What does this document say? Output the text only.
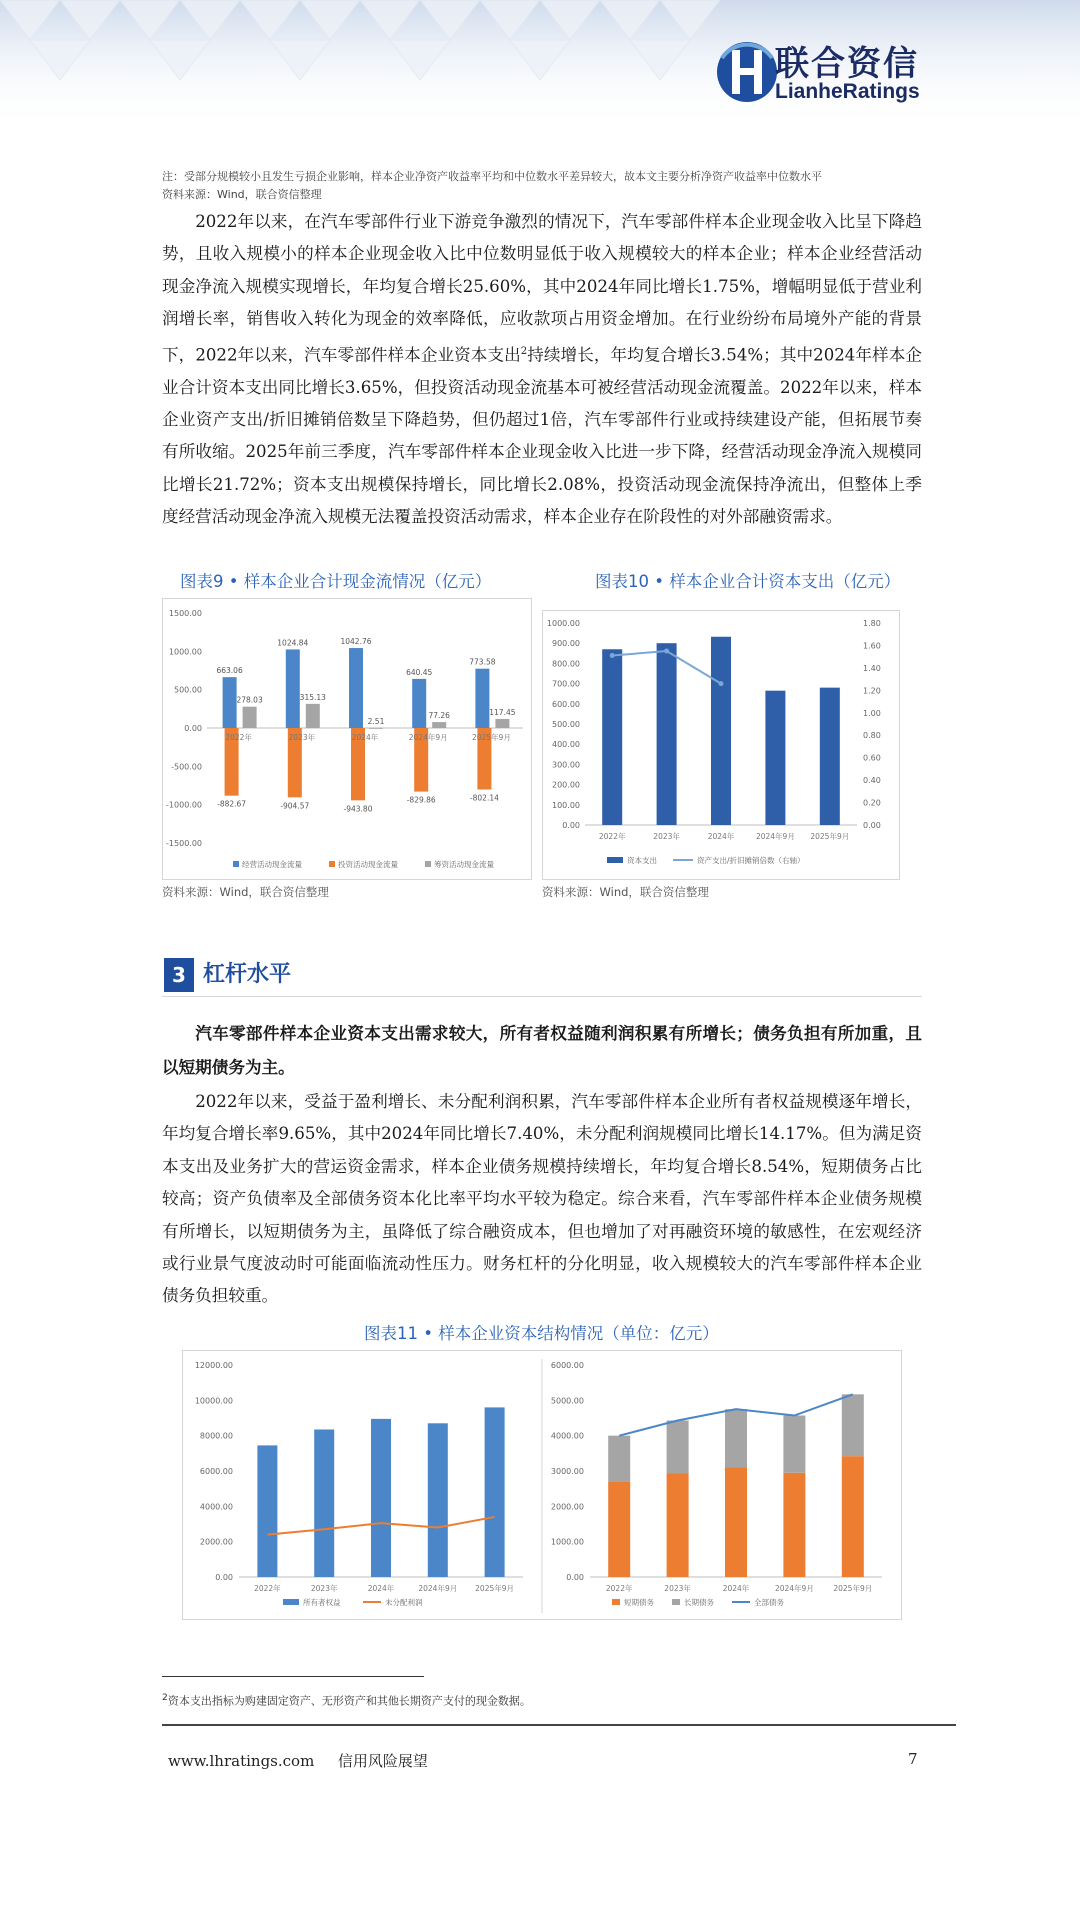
联合资信
LianheRatings
注：受部分规模较小且发生亏损企业影响，样本企业净资产收益率平均和中位数水平差异较大，故本文主要分析净资产收益率中位数水平
资料来源：Wind，联合资信整理
2022年以来，在汽车零部件行业下游竞争激烈的情况下，汽车零部件样本企业现金收入比呈下降趋势，且收入规模小的样本企业现金收入比中位数明显低于收入规模较大的样本企业；样本企业经营活动现金净流入规模实现增长，年均复合增长25.60%，其中2024年同比增长1.75%，增幅明显低于营业利润增长率，销售收入转化为现金的效率降低，应收款项占用资金增加。在行业纷纷布局境外产能的背景下，2022年以来，汽车零部件样本企业资本支出$^2$持续增长，年均复合增长3.54%；其中2024年样本企业合计资本支出同比增长3.65%，但投资活动现金流基本可被经营活动现金流覆盖。2022年以来，样本企业资产支出/折旧摊销倍数呈下降趋势，但仍超过1倍，汽车零部件行业或持续建设产能，但拓展节奏有所收缩。2025年前三季度，汽车零部件样本企业现金收入比进一步下降，经营活动现金净流入规模同比增长21.72%；资本支出规模保持增长，同比增长2.08%，投资活动现金流保持净流出，但整体上季度经营活动现金净流入规模无法覆盖投资活动需求，样本企业存在阶段性的对外部融资需求。
图表9 • 样本企业合计现金流情况（亿元）	图表10 • 样本企业合计资本支出（亿元）
1500.00
1000.00
500.00
0.00
-500.00
-1000.00
-1500.00
663.06
-882.67
278.03
2022年
1024.84
-904.57
315.13
2023年
1042.76
-943.80
2.51
2024年
640.45
-829.86
77.26
2024年9月
773.58
-802.14
117.45
2025年9月
经营活动现金流量	投资活动现金流量	筹资活动现金流量
资料来源：Wind，联合资信整理
1000.00
900.00
800.00
700.00
600.00
500.00
400.00
300.00
200.00
100.00
0.00
1.80
1.60
1.40
1.20
1.00
0.80
0.60
0.40
0.20
0.00
2022年	2023年	2024年	2024年9月 2025年9月
资本支出	资产支出/折旧摊销倍数（右轴）
资料来源：Wind，联合资信整理
3 杠杆水平
汽车零部件样本企业资本支出需求较大，所有者权益随利润积累有所增长；债务负担有所加重，且以短期债务为主。
2022年以来，受益于盈利增长、未分配利润积累，汽车零部件样本企业所有者权益规模逐年增长，年均复合增长率9.65%，其中2024年同比增长7.40%，未分配利润规模同比增长14.17%。但为满足资本支出及业务扩大的营运资金需求，样本企业债务规模持续增长，年均复合增长8.54%，短期债务占比较高；资产负债率及全部债务资本化比率平均水平较为稳定。综合来看，汽车零部件样本企业债务规模有所增长，以短期债务为主，虽降低了综合融资成本，但也增加了对再融资环境的敏感性，在宏观经济或行业景气度波动时可能面临流动性压力。财务杠杆的分化明显，收入规模较大的汽车零部件样本企业债务负担较重。
图表11 • 样本企业资本结构情况（单位：亿元）
12000.00
10000.00
8000.00
6000.00
4000.00
2000.00
0.00
2022年	2023年	2024年	2024年9月 2025年9月
所有者权益	未分配利润
6000.00
5000.00
4000.00
3000.00
2000.00
1000.00
0.00
2022年	2023年	2024年	2024年9月	2025年9月
短期债务	长期债务	全部债务
$^2$资本支出指标为购建固定资产、无形资产和其他长期资产支付的现金数据。
www.lhratings.com 信用风险展望	7
